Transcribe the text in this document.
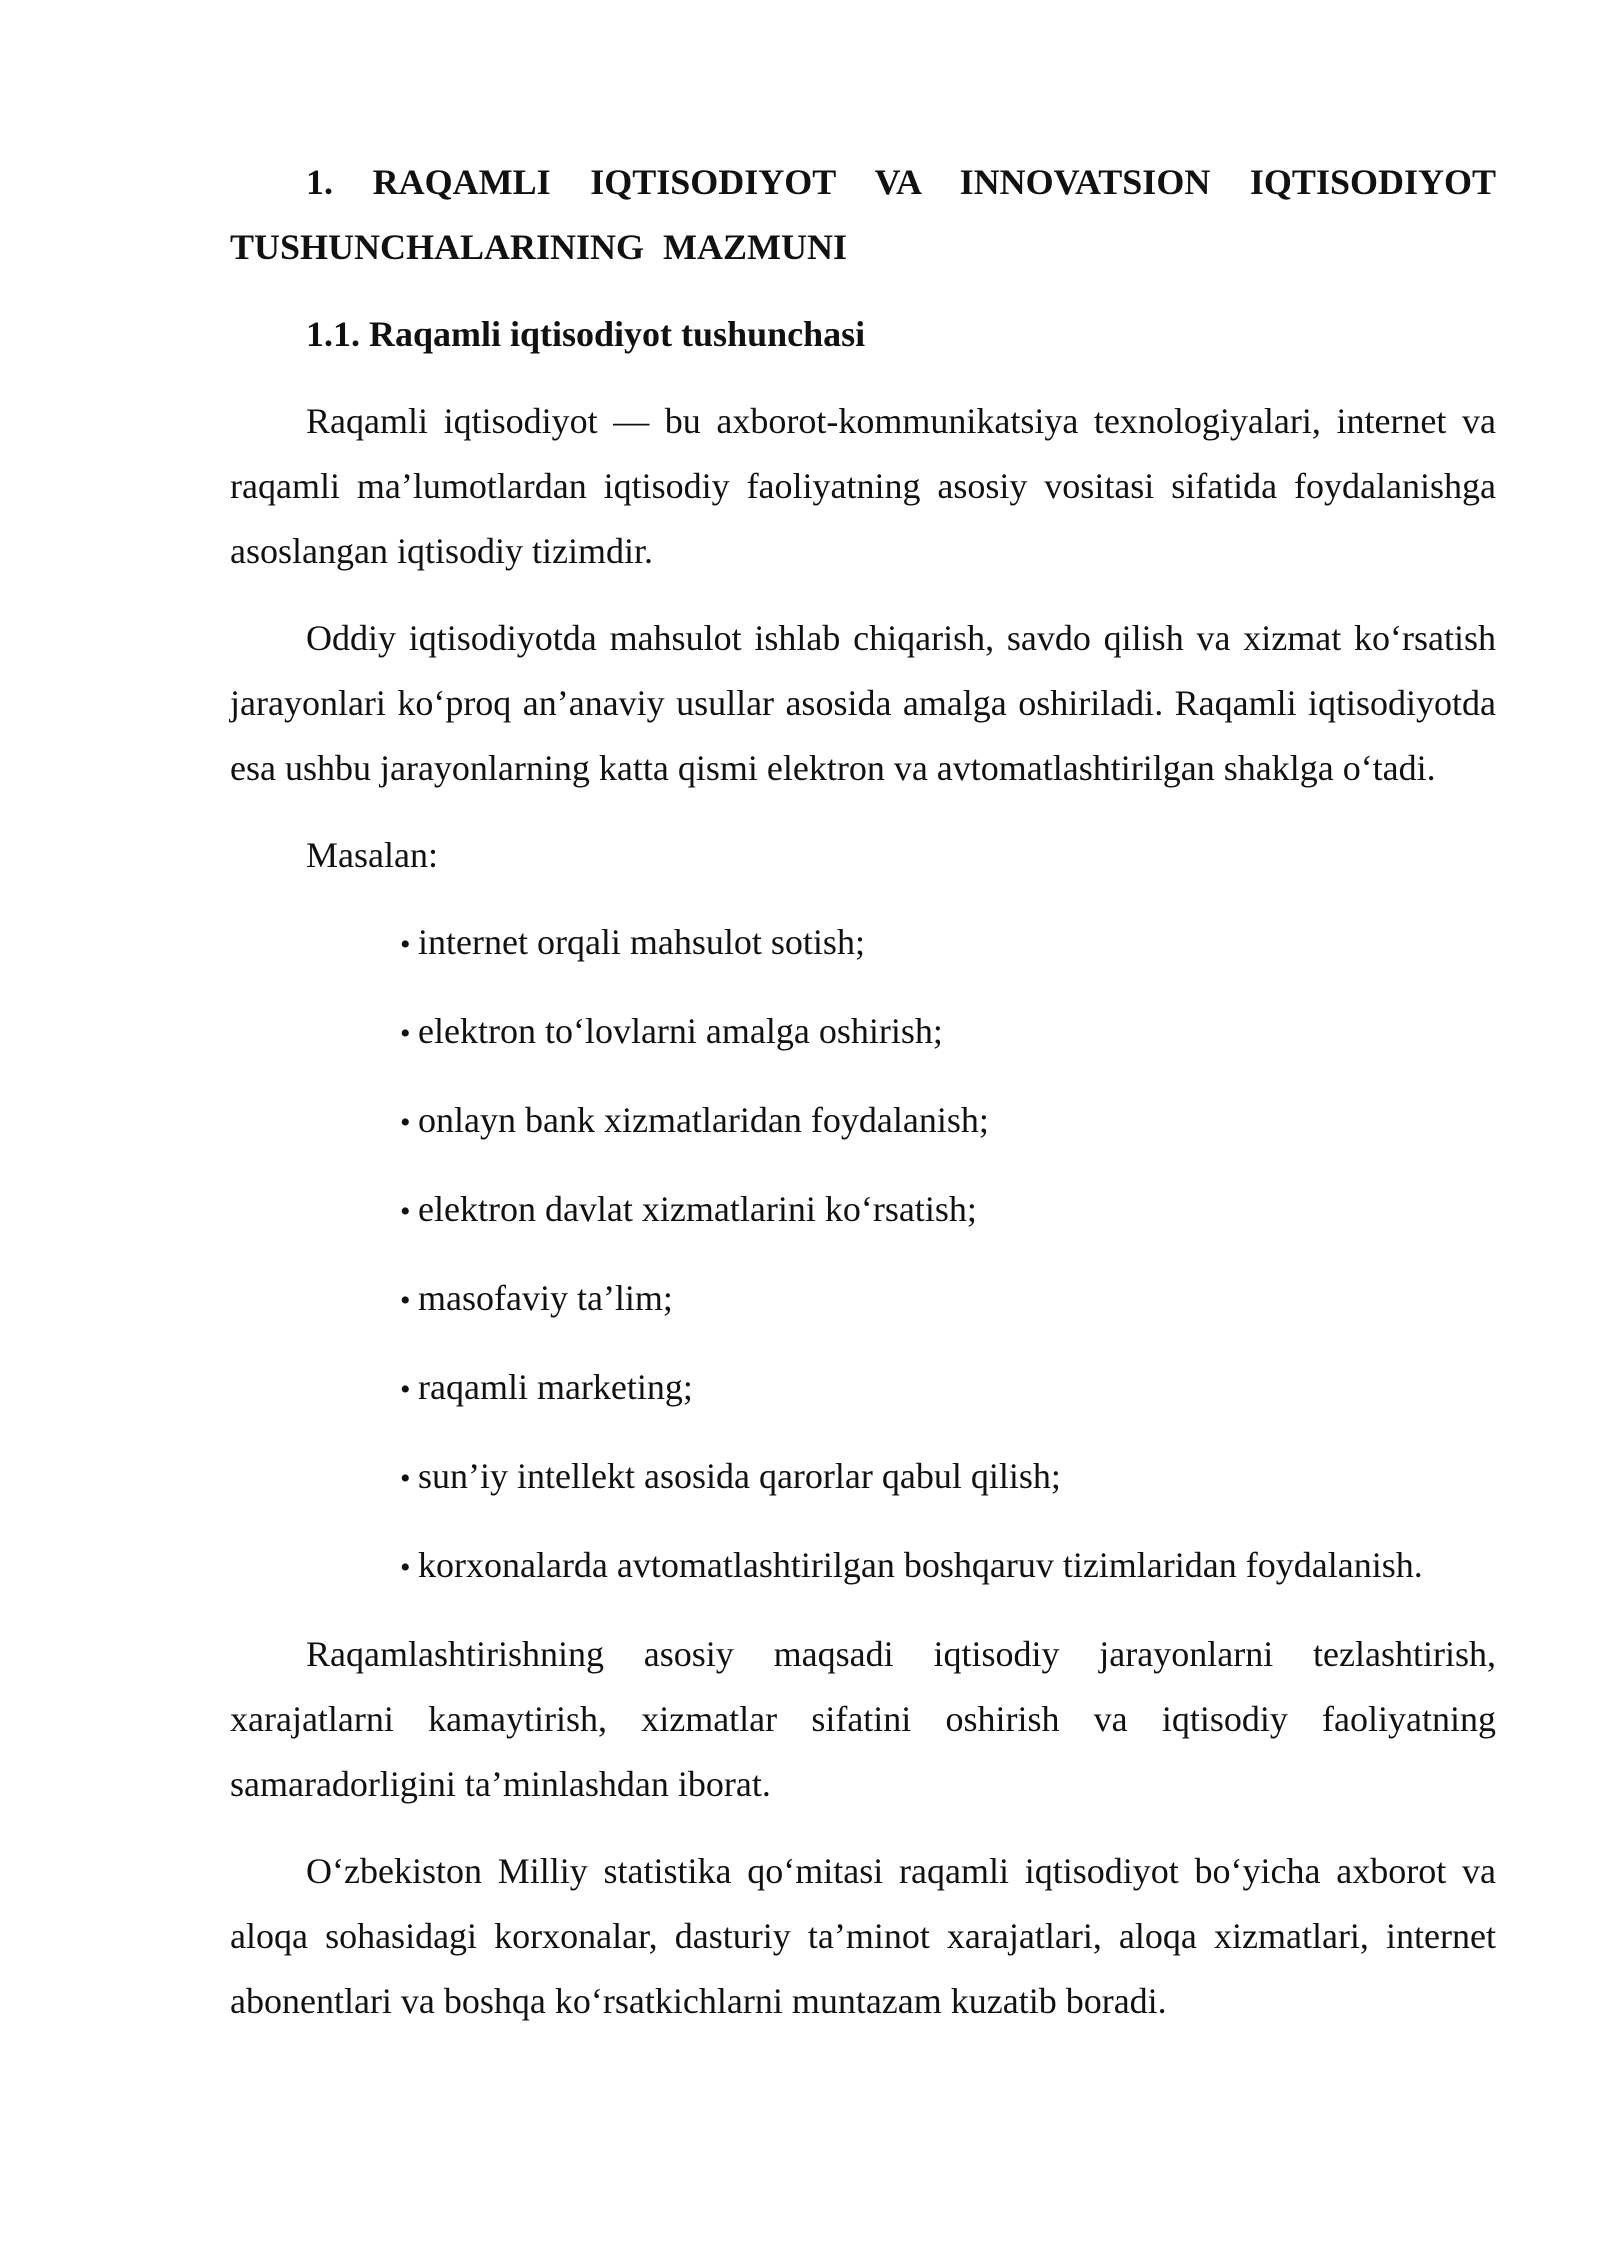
1. RAQAMLI IQTISODIYOT VA INNOVATSION IQTISODIYOT TUSHUNCHALARINING MAZMUNI
1.1. Raqamli iqtisodiyot tushunchasi

Raqamli iqtisodiyot — bu axborot-kommunikatsiya texnologiyalari, internet va raqamli ma’lumotlardan iqtisodiy faoliyatning asosiy vositasi sifatida foydalanishga asoslangan iqtisodiy tizimdir.

Oddiy iqtisodiyotda mahsulot ishlab chiqarish, savdo qilish va xizmat ko‘rsatish jarayonlari ko‘proq an’anaviy usullar asosida amalga oshiriladi. Raqamli iqtisodiyotda esa ushbu jarayonlarning katta qismi elektron va avtomatlashtirilgan shaklga o‘tadi.

Masalan:

• internet orqali mahsulot sotish;
• elektron to‘lovlarni amalga oshirish;
• onlayn bank xizmatlaridan foydalanish;
• elektron davlat xizmatlarini ko‘rsatish;
• masofaviy ta’lim;
• raqamli marketing;
• sun’iy intellekt asosida qarorlar qabul qilish;
• korxonalarda avtomatlashtirilgan boshqaruv tizimlaridan foydalanish.

Raqamlashtirishning asosiy maqsadi iqtisodiy jarayonlarni tezlashtirish, xarajatlarni kamaytirish, xizmatlar sifatini oshirish va iqtisodiy faoliyatning samaradorligini ta’minlashdan iborat.

O‘zbekiston Milliy statistika qo‘mitasi raqamli iqtisodiyot bo‘yicha axborot va aloqa sohasidagi korxonalar, dasturiy ta’minot xarajatlari, aloqa xizmatlari, internet abonentlari va boshqa ko‘rsatkichlarni muntazam kuzatib boradi.
